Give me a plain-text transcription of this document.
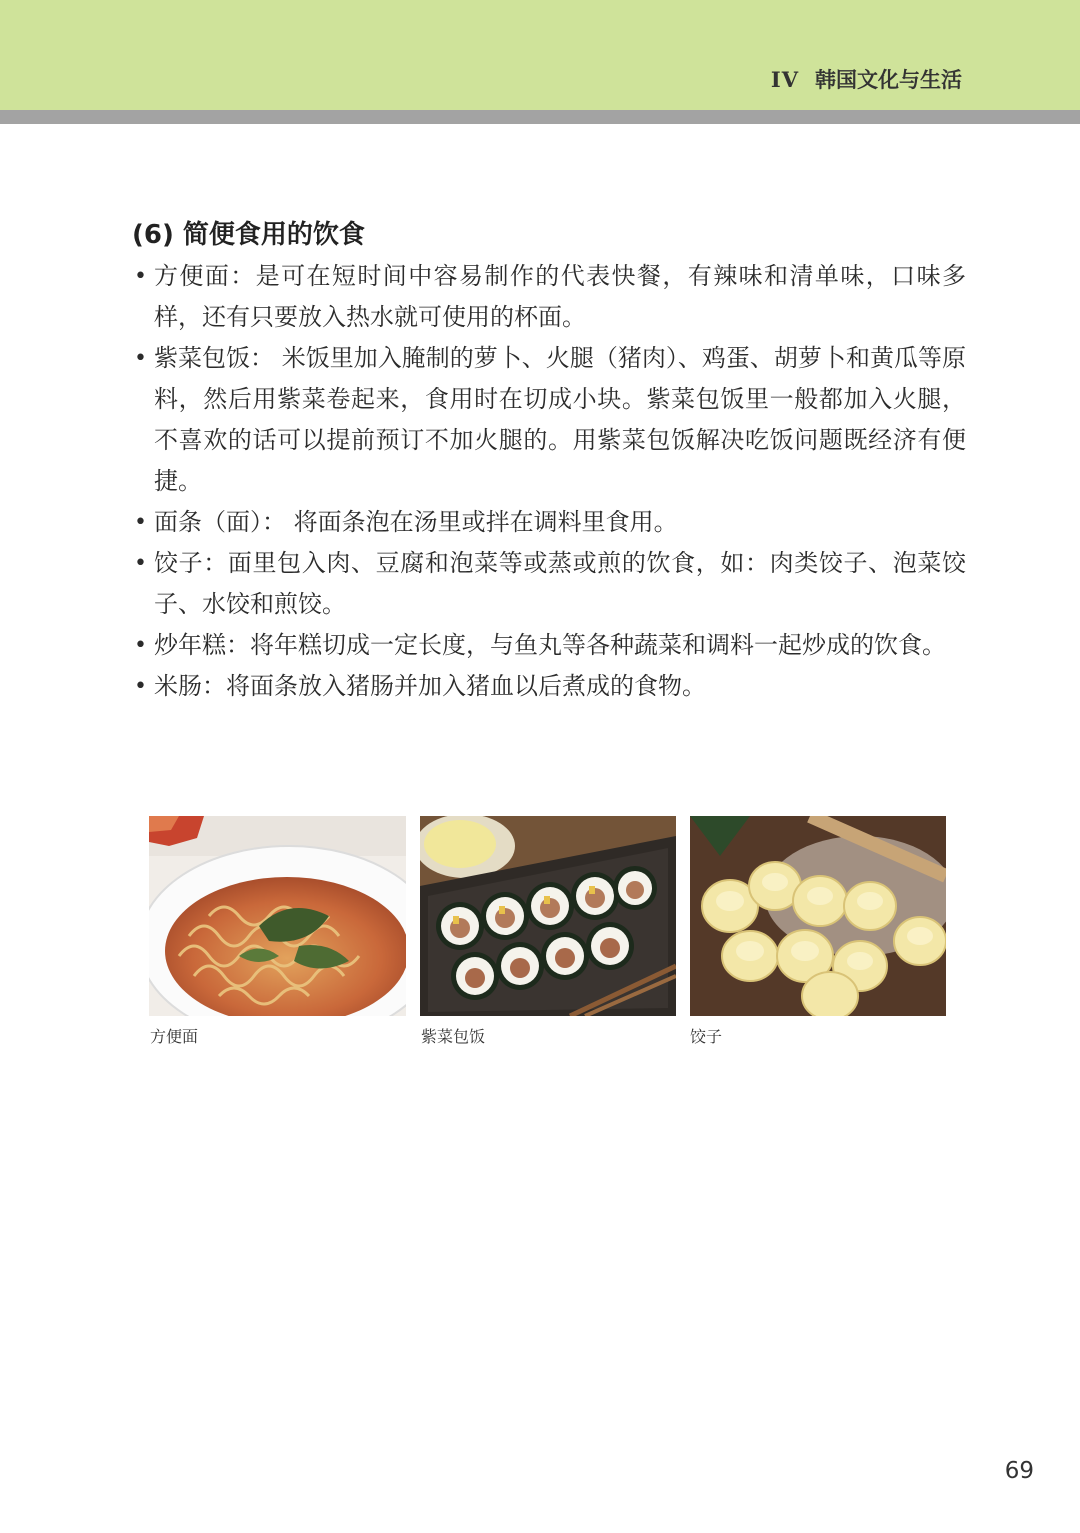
IV 韩国文化与生活
(6) 简便食用的饮食
• 方便面：是可在短时间中容易制作的代表快餐，有辣味和清单味，口味多样，还有只要放入热水就可使用的杯面。
• 紫菜包饭： 米饭里加入腌制的萝卜、火腿（猪肉）、鸡蛋、胡萝卜和黄瓜等原料，然后用紫菜卷起来，食用时在切成小块。紫菜包饭里一般都加入火腿，不喜欢的话可以提前预订不加火腿的。用紫菜包饭解决吃饭问题既经济有便捷。
• 面条（面）： 将面条泡在汤里或拌在调料里食用。
• 饺子：面里包入肉、豆腐和泡菜等或蒸或煎的饮食，如：肉类饺子、泡菜饺子、水饺和煎饺。
• 炒年糕：将年糕切成一定长度，与鱼丸等各种蔬菜和调料一起炒成的饮食。
• 米肠：将面条放入猪肠并加入猪血以后煮成的食物。
方便面	紫菜包饭	饺子
69
